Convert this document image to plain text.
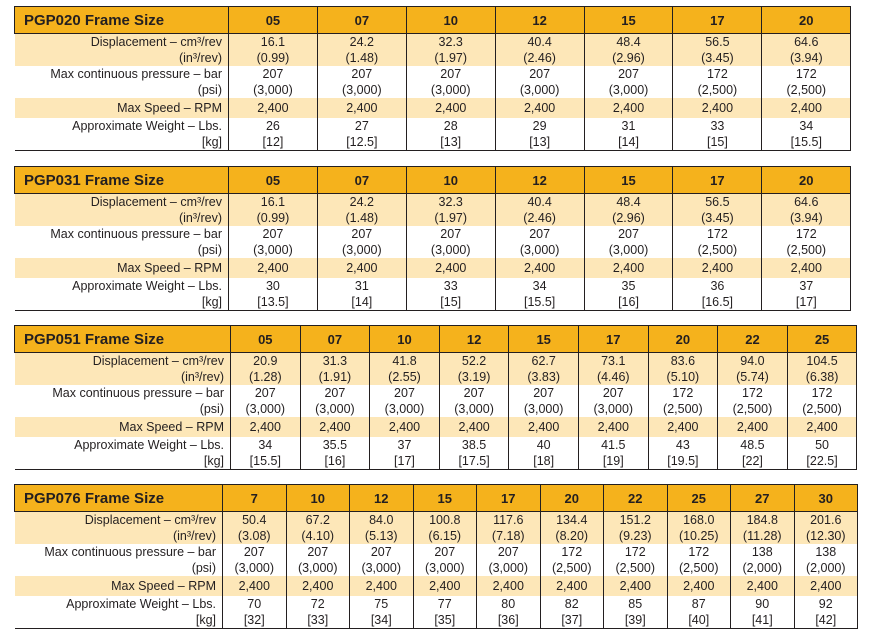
PGP020 Frame Size	05	07	10	12	15	17	20
Displacement – cm³/rev	16.1	24.2	32.3	40.4	48.4	56.5	64.6
(in³/rev)	(0.99)	(1.48)	(1.97)	(2.46)	(2.96)	(3.45)	(3.94)
Max continuous pressure – bar	207	207	207	207	207	172	172
(psi)	(3,000)	(3,000)	(3,000)	(3,000)	(3,000)	(2,500)	(2,500)
Max Speed – RPM	2,400	2,400	2,400	2,400	2,400	2,400	2,400
Approximate Weight – Lbs.	26	27	28	29	31	33	34
[kg]	[12]	[12.5]	[13]	[13]	[14]	[15]	[15.5]
PGP031 Frame Size	05	07	10	12	15	17	20
Displacement – cm³/rev	16.1	24.2	32.3	40.4	48.4	56.5	64.6
(in³/rev)	(0.99)	(1.48)	(1.97)	(2.46)	(2.96)	(3.45)	(3.94)
Max continuous pressure – bar	207	207	207	207	207	172	172
(psi)	(3,000)	(3,000)	(3,000)	(3,000)	(3,000)	(2,500)	(2,500)
Max Speed – RPM	2,400	2,400	2,400	2,400	2,400	2,400	2,400
Approximate Weight – Lbs.	30	31	33	34	35	36	37
[kg]	[13.5]	[14]	[15]	[15.5]	[16]	[16.5]	[17]
PGP051 Frame Size	05	07	10	12	15	17	20	22	25
Displacement – cm³/rev	20.9	31.3	41.8	52.2	62.7	73.1	83.6	94.0	104.5
(in³/rev)	(1.28)	(1.91)	(2.55)	(3.19)	(3.83)	(4.46)	(5.10)	(5.74)	(6.38)
Max continuous pressure – bar	207	207	207	207	207	207	172	172	172
(psi)	(3,000)	(3,000)	(3,000)	(3,000)	(3,000)	(3,000)	(2,500)	(2,500)	(2,500)
Max Speed – RPM	2,400	2,400	2,400	2,400	2,400	2,400	2,400	2,400	2,400
Approximate Weight – Lbs.	34	35.5	37	38.5	40	41.5	43	48.5	50
[kg]	[15.5]	[16]	[17]	[17.5]	[18]	[19]	[19.5]	[22]	[22.5]
PGP076 Frame Size	7	10	12	15	17	20	22	25	27	30
Displacement – cm³/rev	50.4	67.2	84.0	100.8	117.6	134.4	151.2	168.0	184.8	201.6
(in³/rev)	(3.08)	(4.10)	(5.13)	(6.15)	(7.18)	(8.20)	(9.23)	(10.25)	(11.28)	(12.30)
Max continuous pressure – bar	207	207	207	207	207	172	172	172	138	138
(psi)	(3,000)	(3,000)	(3,000)	(3,000)	(3,000)	(2,500)	(2,500)	(2,500)	(2,000)	(2,000)
Max Speed – RPM	2,400	2,400	2,400	2,400	2,400	2,400	2,400	2,400	2,400	2,400
Approximate Weight – Lbs.	70	72	75	77	80	82	85	87	90	92
[kg]	[32]	[33]	[34]	[35]	[36]	[37]	[39]	[40]	[41]	[42]
